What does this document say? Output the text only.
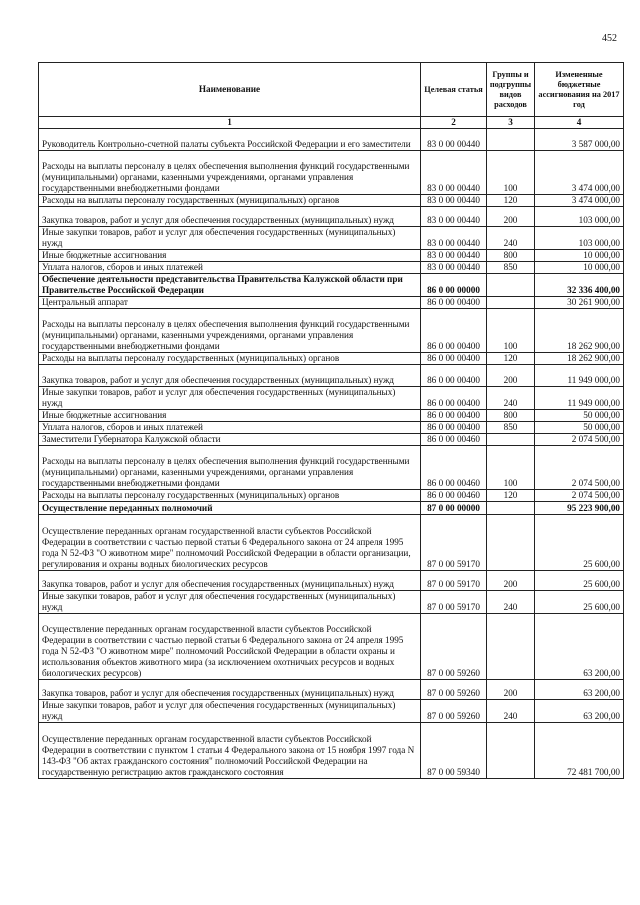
452
Наименование	Целевая статья	Группы и подгруппы видов расходов	Измененные бюджетные ассигнования на 2017 год
1	2	3	4
Руководитель Контрольно-счетной палаты субъекта Российской Федерации и его заместители	83 0 00 00440		3 587 000,00
Расходы на выплаты персоналу в целях обеспечения выполнения функций государственными (муниципальными) органами, казенными учреждениями, органами управления государственными внебюджетными фондами	83 0 00 00440	100	3 474 000,00
Расходы на выплаты персоналу государственных (муниципальных) органов	83 0 00 00440	120	3 474 000,00
Закупка товаров, работ и услуг для обеспечения государственных (муниципальных) нужд	83 0 00 00440	200	103 000,00
Иные закупки товаров, работ и услуг для обеспечения государственных (муниципальных) нужд	83 0 00 00440	240	103 000,00
Иные бюджетные ассигнования	83 0 00 00440	800	10 000,00
Уплата налогов, сборов и иных платежей	83 0 00 00440	850	10 000,00
Обеспечение деятельности представительства Правительства Калужской области при Правительстве Российской Федерации	86 0 00 00000		32 336 400,00
Центральный аппарат	86 0 00 00400		30 261 900,00
Расходы на выплаты персоналу в целях обеспечения выполнения функций государственными (муниципальными) органами, казенными учреждениями, органами управления государственными внебюджетными фондами	86 0 00 00400	100	18 262 900,00
Расходы на выплаты персоналу государственных (муниципальных) органов	86 0 00 00400	120	18 262 900,00
Закупка товаров, работ и услуг для обеспечения государственных (муниципальных) нужд	86 0 00 00400	200	11 949 000,00
Иные закупки товаров, работ и услуг для обеспечения государственных (муниципальных) нужд	86 0 00 00400	240	11 949 000,00
Иные бюджетные ассигнования	86 0 00 00400	800	50 000,00
Уплата налогов, сборов и иных платежей	86 0 00 00400	850	50 000,00
Заместители Губернатора Калужской области	86 0 00 00460		2 074 500,00
Расходы на выплаты персоналу в целях обеспечения выполнения функций государственными (муниципальными) органами, казенными учреждениями, органами управления государственными внебюджетными фондами	86 0 00 00460	100	2 074 500,00
Расходы на выплаты персоналу государственных (муниципальных) органов	86 0 00 00460	120	2 074 500,00
Осуществление переданных полномочий	87 0 00 00000		95 223 900,00
Осуществление переданных органам государственной власти субъектов Российской Федерации в соответствии с частью первой статьи 6 Федерального закона от 24 апреля 1995 года N 52-ФЗ "О животном мире" полномочий Российской Федерации в области организации, регулирования и охраны водных биологических ресурсов	87 0 00 59170		25 600,00
Закупка товаров, работ и услуг для обеспечения государственных (муниципальных) нужд	87 0 00 59170	200	25 600,00
Иные закупки товаров, работ и услуг для обеспечения государственных (муниципальных) нужд	87 0 00 59170	240	25 600,00
Осуществление переданных органам государственной власти субъектов Российской Федерации в соответствии с частью первой статьи 6 Федерального закона от 24 апреля 1995 года N 52-ФЗ "О животном мире" полномочий Российской Федерации в области охраны и использования объектов животного мира (за исключением охотничьих ресурсов и водных биологических ресурсов)	87 0 00 59260		63 200,00
Закупка товаров, работ и услуг для обеспечения государственных (муниципальных) нужд	87 0 00 59260	200	63 200,00
Иные закупки товаров, работ и услуг для обеспечения государственных (муниципальных) нужд	87 0 00 59260	240	63 200,00
Осуществление переданных органам государственной власти субъектов Российской Федерации в соответствии с пунктом 1 статьи 4 Федерального закона от 15 ноября 1997 года N 143-ФЗ "Об актах гражданского состояния" полномочий Российской Федерации на государственную регистрацию актов гражданского состояния	87 0 00 59340		72 481 700,00
